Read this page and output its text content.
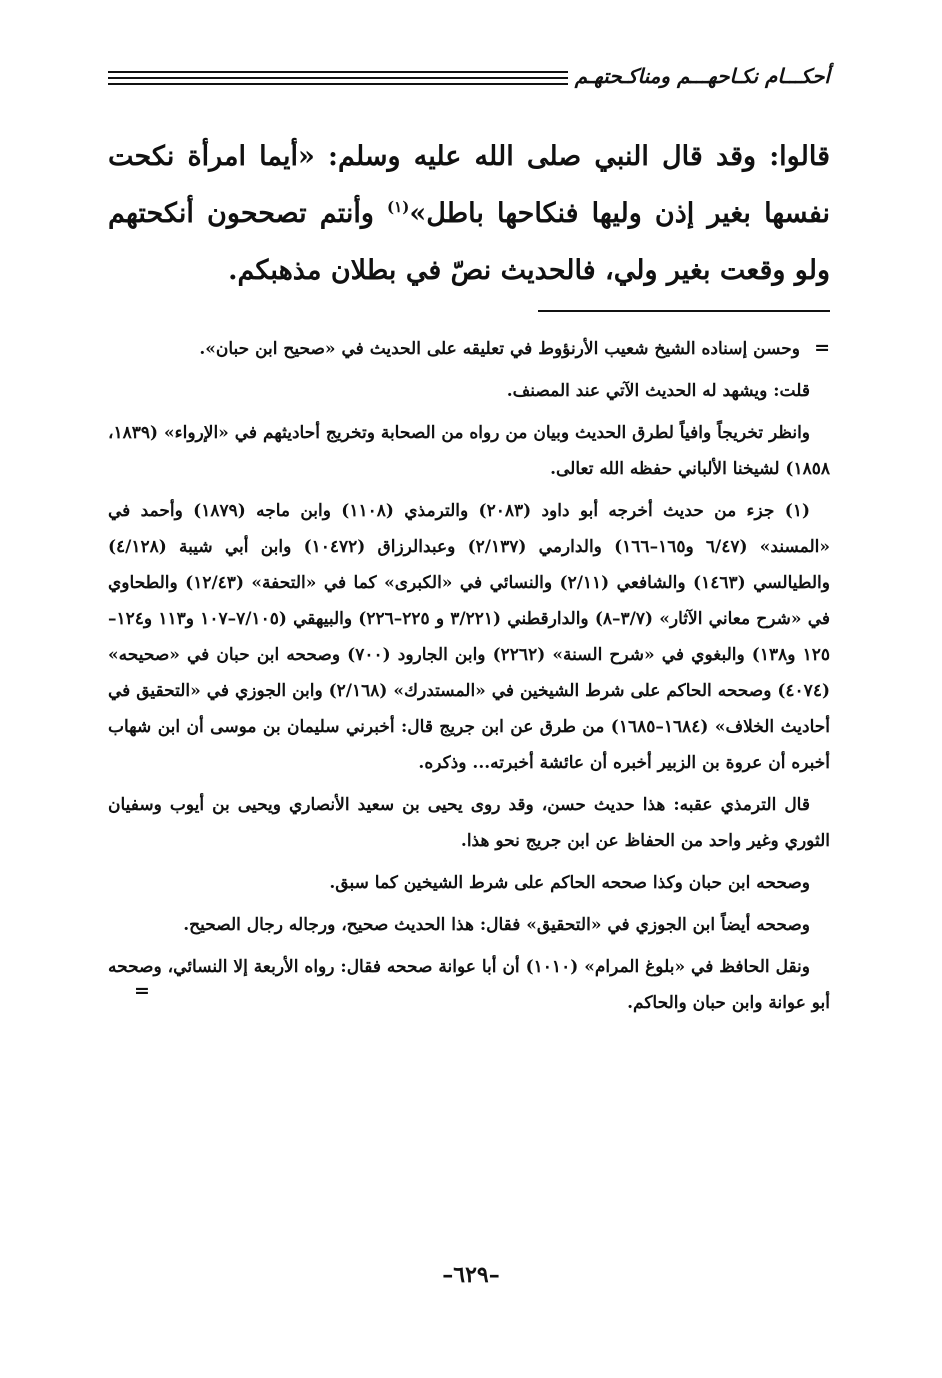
أحكـــام نكـاحهـــم ومناكـحتهـم
قالوا: وقد قال النبي صلى الله عليه وسلم: «أيما امرأة نكحت نفسها بغير إذن وليها فنكاحها باطل»$^{(١)}$ وأنتم تصححون أنكحتهم ولو وقعت بغير ولي، فالحديث نصّ في بطلان مذهبكم.

=وحسن إسناده الشيخ شعيب الأرنؤوط في تعليقه على الحديث في «صحيح ابن حبان».

قلت: ويشهد له الحديث الآتي عند المصنف.

وانظر تخريجاً وافياً لطرق الحديث وبيان من رواه من الصحابة وتخريج أحاديثهم في «الإرواء» (١٨٣٩، ١٨٥٨) لشيخنا الألباني حفظه الله تعالى.

(١) جزء من حديث أخرجه أبو داود (٢٠٨٣) والترمذي (١١٠٨) وابن ماجه (١٨٧٩) وأحمد في «المسند» (٦/٤٧ و١٦٥–١٦٦) والدارمي (٢/١٣٧) وعبدالرزاق (١٠٤٧٢) وابن أبي شيبة (٤/١٢٨) والطيالسي (١٤٦٣) والشافعي (٢/١١) والنسائي في «الكبرى» كما في «التحفة» (١٢/٤٣) والطحاوي في «شرح معاني الآثار» (٣/٧–٨) والدارقطني (٣/٢٢١ و ٢٢٥–٢٢٦) والبيهقي (٧/١٠٥–١٠٧ و١١٣ و١٢٤–١٢٥ و١٣٨) والبغوي في «شرح السنة» (٢٢٦٢) وابن الجارود (٧٠٠) وصححه ابن حبان في «صحيحه» (٤٠٧٤) وصححه الحاكم على شرط الشيخين في «المستدرك» (٢/١٦٨) وابن الجوزي في «التحقيق في أحاديث الخلاف» (١٦٨٤–١٦٨٥) من طرق عن ابن جريج قال: أخبرني سليمان بن موسى أن ابن شهاب أخبره أن عروة بن الزبير أخبره أن عائشة أخبرته... وذكره.

قال الترمذي عقبه: هذا حديث حسن، وقد روى يحيى بن سعيد الأنصاري ويحيى بن أيوب وسفيان الثوري وغير واحد من الحفاظ عن ابن جريج نحو هذا.

وصححه ابن حبان وكذا صححه الحاكم على شرط الشيخين كما سبق.

وصححه أيضاً ابن الجوزي في «التحقيق» فقال: هذا الحديث صحيح، ورجاله رجال الصحيح.

ونقل الحافظ في «بلوغ المرام» (١٠١٠) أن أبا عوانة صححه فقال: رواه الأربعة إلا النسائي، وصححه أبو عوانة وابن حبان والحاكم.
=

–٦٢٩–
